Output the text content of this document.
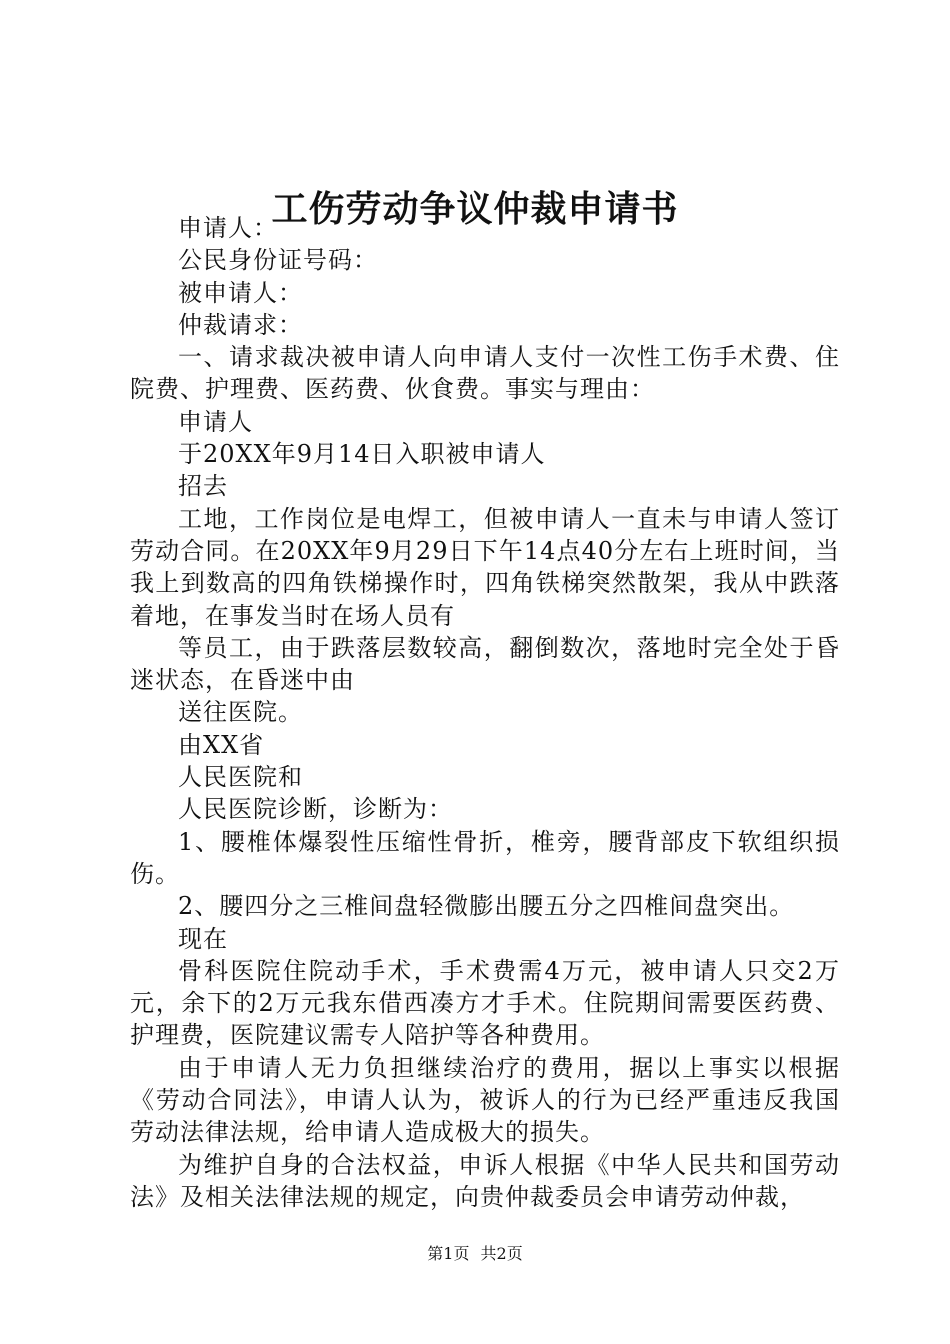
工伤劳动争议仲裁申请书

申请人：

公民身份证号码：

被申请人：

仲裁请求：

一、请求裁决被申请人向申请人支付一次性工伤手术费、住院费、护理费、医药费、伙食费。事实与理由：

申请人

于20XX年9月14日入职被申请人

招去

工地，工作岗位是电焊工，但被申请人一直未与申请人签订劳动合同。在20XX年9月29日下午14点40分左右上班时间，当我上到数高的四角铁梯操作时，四角铁梯突然散架，我从中跌落着地，在事发当时在场人员有

等员工，由于跌落层数较高，翻倒数次，落地时完全处于昏迷状态，在昏迷中由

送往医院。

由XX省

人民医院和

人民医院诊断，诊断为：

1、腰椎体爆裂性压缩性骨折，椎旁，腰背部皮下软组织损伤。

2、腰四分之三椎间盘轻微膨出腰五分之四椎间盘突出。

现在

骨科医院住院动手术，手术费需4万元，被申请人只交2万元，余下的2万元我东借西凑方才手术。住院期间需要医药费、护理费，医院建议需专人陪护等各种费用。

由于申请人无力负担继续治疗的费用，据以上事实以根据《劳动合同法》，申请人认为，被诉人的行为已经严重违反我国劳动法律法规，给申请人造成极大的损失。

为维护自身的合法权益，申诉人根据《中华人民共和国劳动法》及相关法律法规的规定，向贵仲裁委员会申请劳动仲裁，

第1页 共2页
